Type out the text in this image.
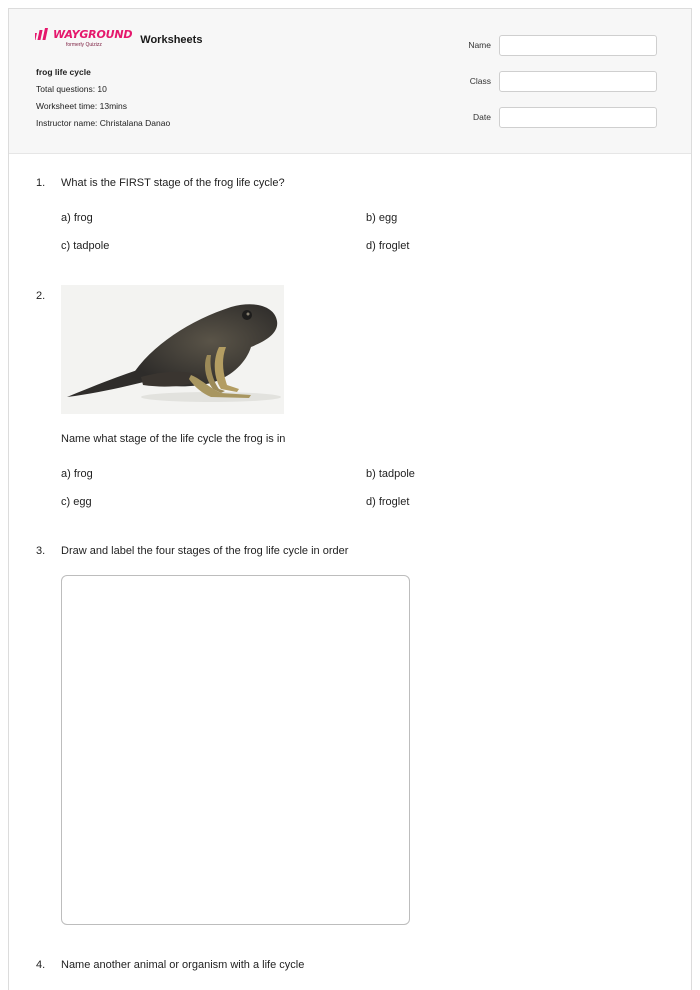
WAYGROUND
formerly Quizizz	Worksheets
frog life cycle
Total questions: 10
Worksheet time: 13mins
Instructor name: Christalana Danao
Name
Class
Date
1. What is the FIRST stage of the frog life cycle?
a) frog	b) egg
c) tadpole	d) froglet
2.
Name what stage of the life cycle the frog is in
a) frog	b) tadpole
c) egg	d) froglet
3. Draw and label the four stages of the frog life cycle in order
4. Name another animal or organism with a life cycle
